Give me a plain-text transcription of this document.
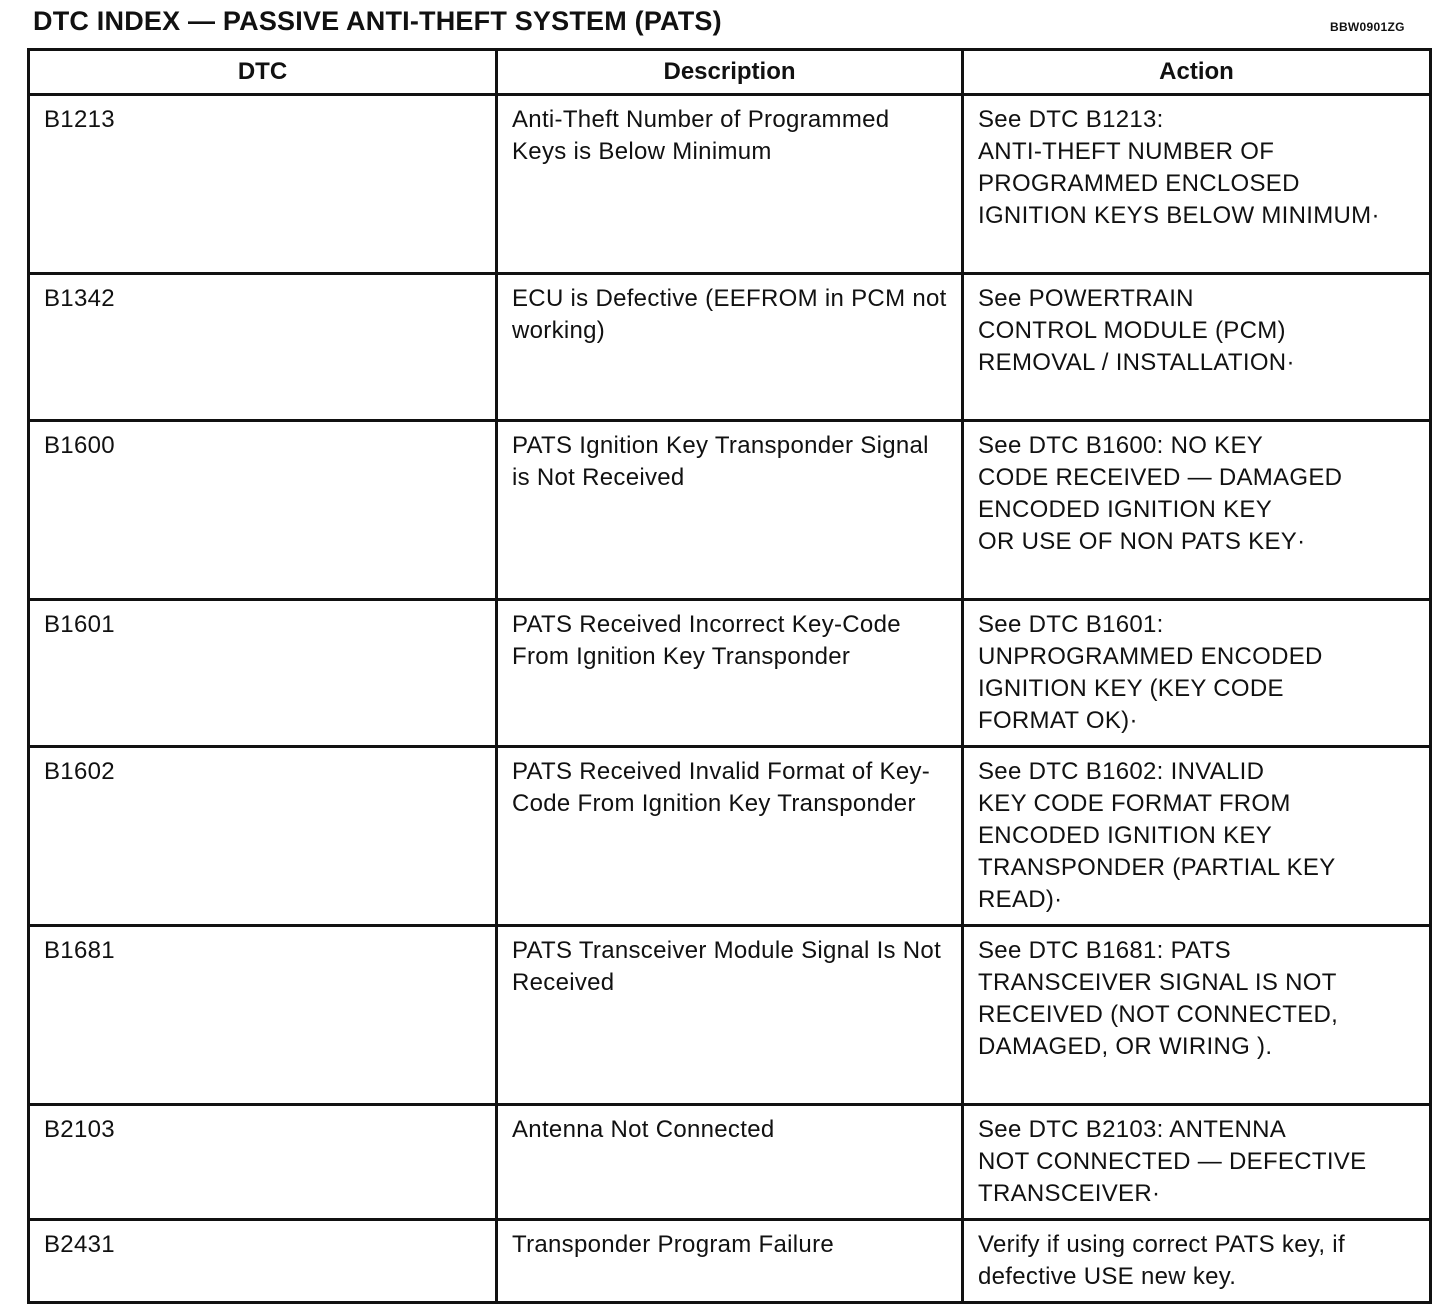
DTC INDEX — PASSIVE ANTI-THEFT SYSTEM (PATS)	BBW0901ZG
DTC	Description	Action
B1213	Anti-Theft Number of Programmed Keys is Below Minimum	See DTC B1213:
ANTI-THEFT NUMBER OF
PROGRAMMED ENCLOSED
IGNITION KEYS BELOW MINIMUM·
B1342	ECU is Defective (EEFROM in PCM not working)	See POWERTRAIN
CONTROL MODULE (PCM)
REMOVAL / INSTALLATION·
B1600	PATS Ignition Key Transponder Signal is Not Received	See DTC B1600: NO KEY
CODE RECEIVED — DAMAGED
ENCODED IGNITION KEY
OR USE OF NON PATS KEY·
B1601	PATS Received Incorrect Key-Code From Ignition Key Transponder	See DTC B1601:
UNPROGRAMMED ENCODED
IGNITION KEY (KEY CODE
FORMAT OK)·
B1602	PATS Received Invalid Format of Key-Code From Ignition Key Transponder	See DTC B1602: INVALID
KEY CODE FORMAT FROM
ENCODED IGNITION KEY
TRANSPONDER (PARTIAL KEY
READ)·
B1681	PATS Transceiver Module Signal Is Not Received	See DTC B1681: PATS
TRANSCEIVER SIGNAL IS NOT
RECEIVED (NOT CONNECTED,
DAMAGED, OR WIRING ).
B2103	Antenna Not Connected	See DTC B2103: ANTENNA
NOT CONNECTED — DEFECTIVE
TRANSCEIVER·
B2431	Transponder Program Failure	Verify if using correct PATS key, if
defective USE new key.
